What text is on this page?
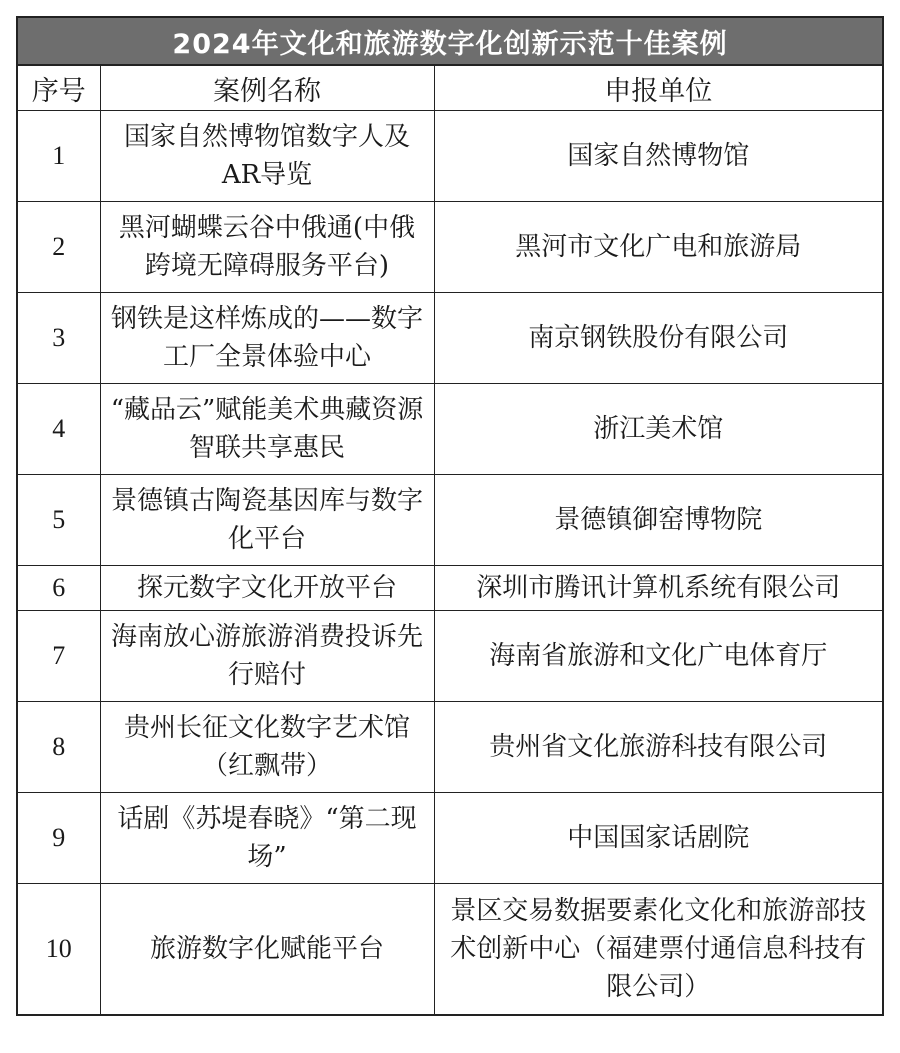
2024年文化和旅游数字化创新示范十佳案例
序号	案例名称	申报单位
1	国家自然博物馆数字人及AR导览	国家自然博物馆
2	黑河蝴蝶云谷中俄通(中俄跨境无障碍服务平台)	黑河市文化广电和旅游局
3	钢铁是这样炼成的——数字工厂全景体验中心	南京钢铁股份有限公司
4	“藏品云”赋能美术典藏资源智联共享惠民	浙江美术馆
5	景德镇古陶瓷基因库与数字化平台	景德镇御窑博物院
6	探元数字文化开放平台	深圳市腾讯计算机系统有限公司
7	海南放心游旅游消费投诉先行赔付	海南省旅游和文化广电体育厅
8	贵州长征文化数字艺术馆（红飘带）	贵州省文化旅游科技有限公司
9	话剧《苏堤春晓》“第二现场”	中国国家话剧院
10	旅游数字化赋能平台	景区交易数据要素化文化和旅游部技术创新中心（福建票付通信息科技有限公司）
